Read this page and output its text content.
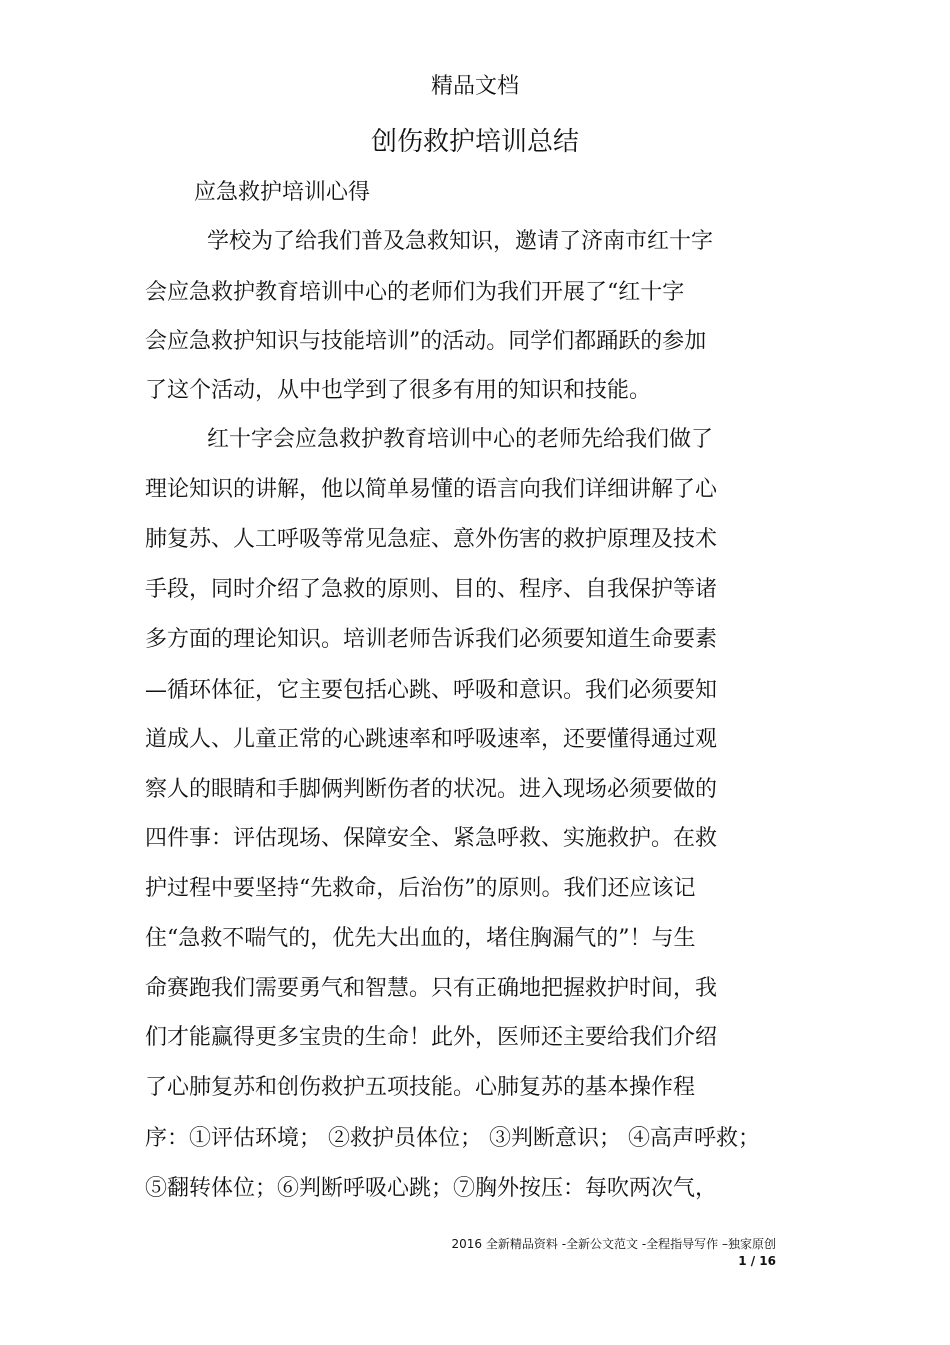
精品文档
创伤救护培训总结
应急救护培训心得
学校为了给我们普及急救知识，邀请了济南市红十字
会应急救护教育培训中心的老师们为我们开展了“红十字
会应急救护知识与技能培训”的活动。同学们都踊跃的参加
了这个活动，从中也学到了很多有用的知识和技能。
红十字会应急救护教育培训中心的老师先给我们做了
理论知识的讲解，他以简单易懂的语言向我们详细讲解了心
肺复苏、人工呼吸等常见急症、意外伤害的救护原理及技术
手段，同时介绍了急救的原则、目的、程序、自我保护等诸
多方面的理论知识。培训老师告诉我们必须要知道生命要素
—循环体征，它主要包括心跳、呼吸和意识。我们必须要知
道成人、儿童正常的心跳速率和呼吸速率，还要懂得通过观
察人的眼睛和手脚俩判断伤者的状况。进入现场必须要做的
四件事：评估现场、保障安全、紧急呼救、实施救护。在救
护过程中要坚持“先救命，后治伤”的原则。我们还应该记
住“急救不喘气的，优先大出血的，堵住胸漏气的”！与生
命赛跑我们需要勇气和智慧。只有正确地把握救护时间，我
们才能赢得更多宝贵的生命！此外，医师还主要给我们介绍
了心肺复苏和创伤救护五项技能。心肺复苏的基本操作程
序：①评估环境； ②救护员体位； ③判断意识； ④高声呼救；
⑤翻转体位；⑥判断呼吸心跳；⑦胸外按压：每吹两次气，
2016 全新精品资料 -全新公文范文 -全程指导写作 –独家原创
1 / 16
